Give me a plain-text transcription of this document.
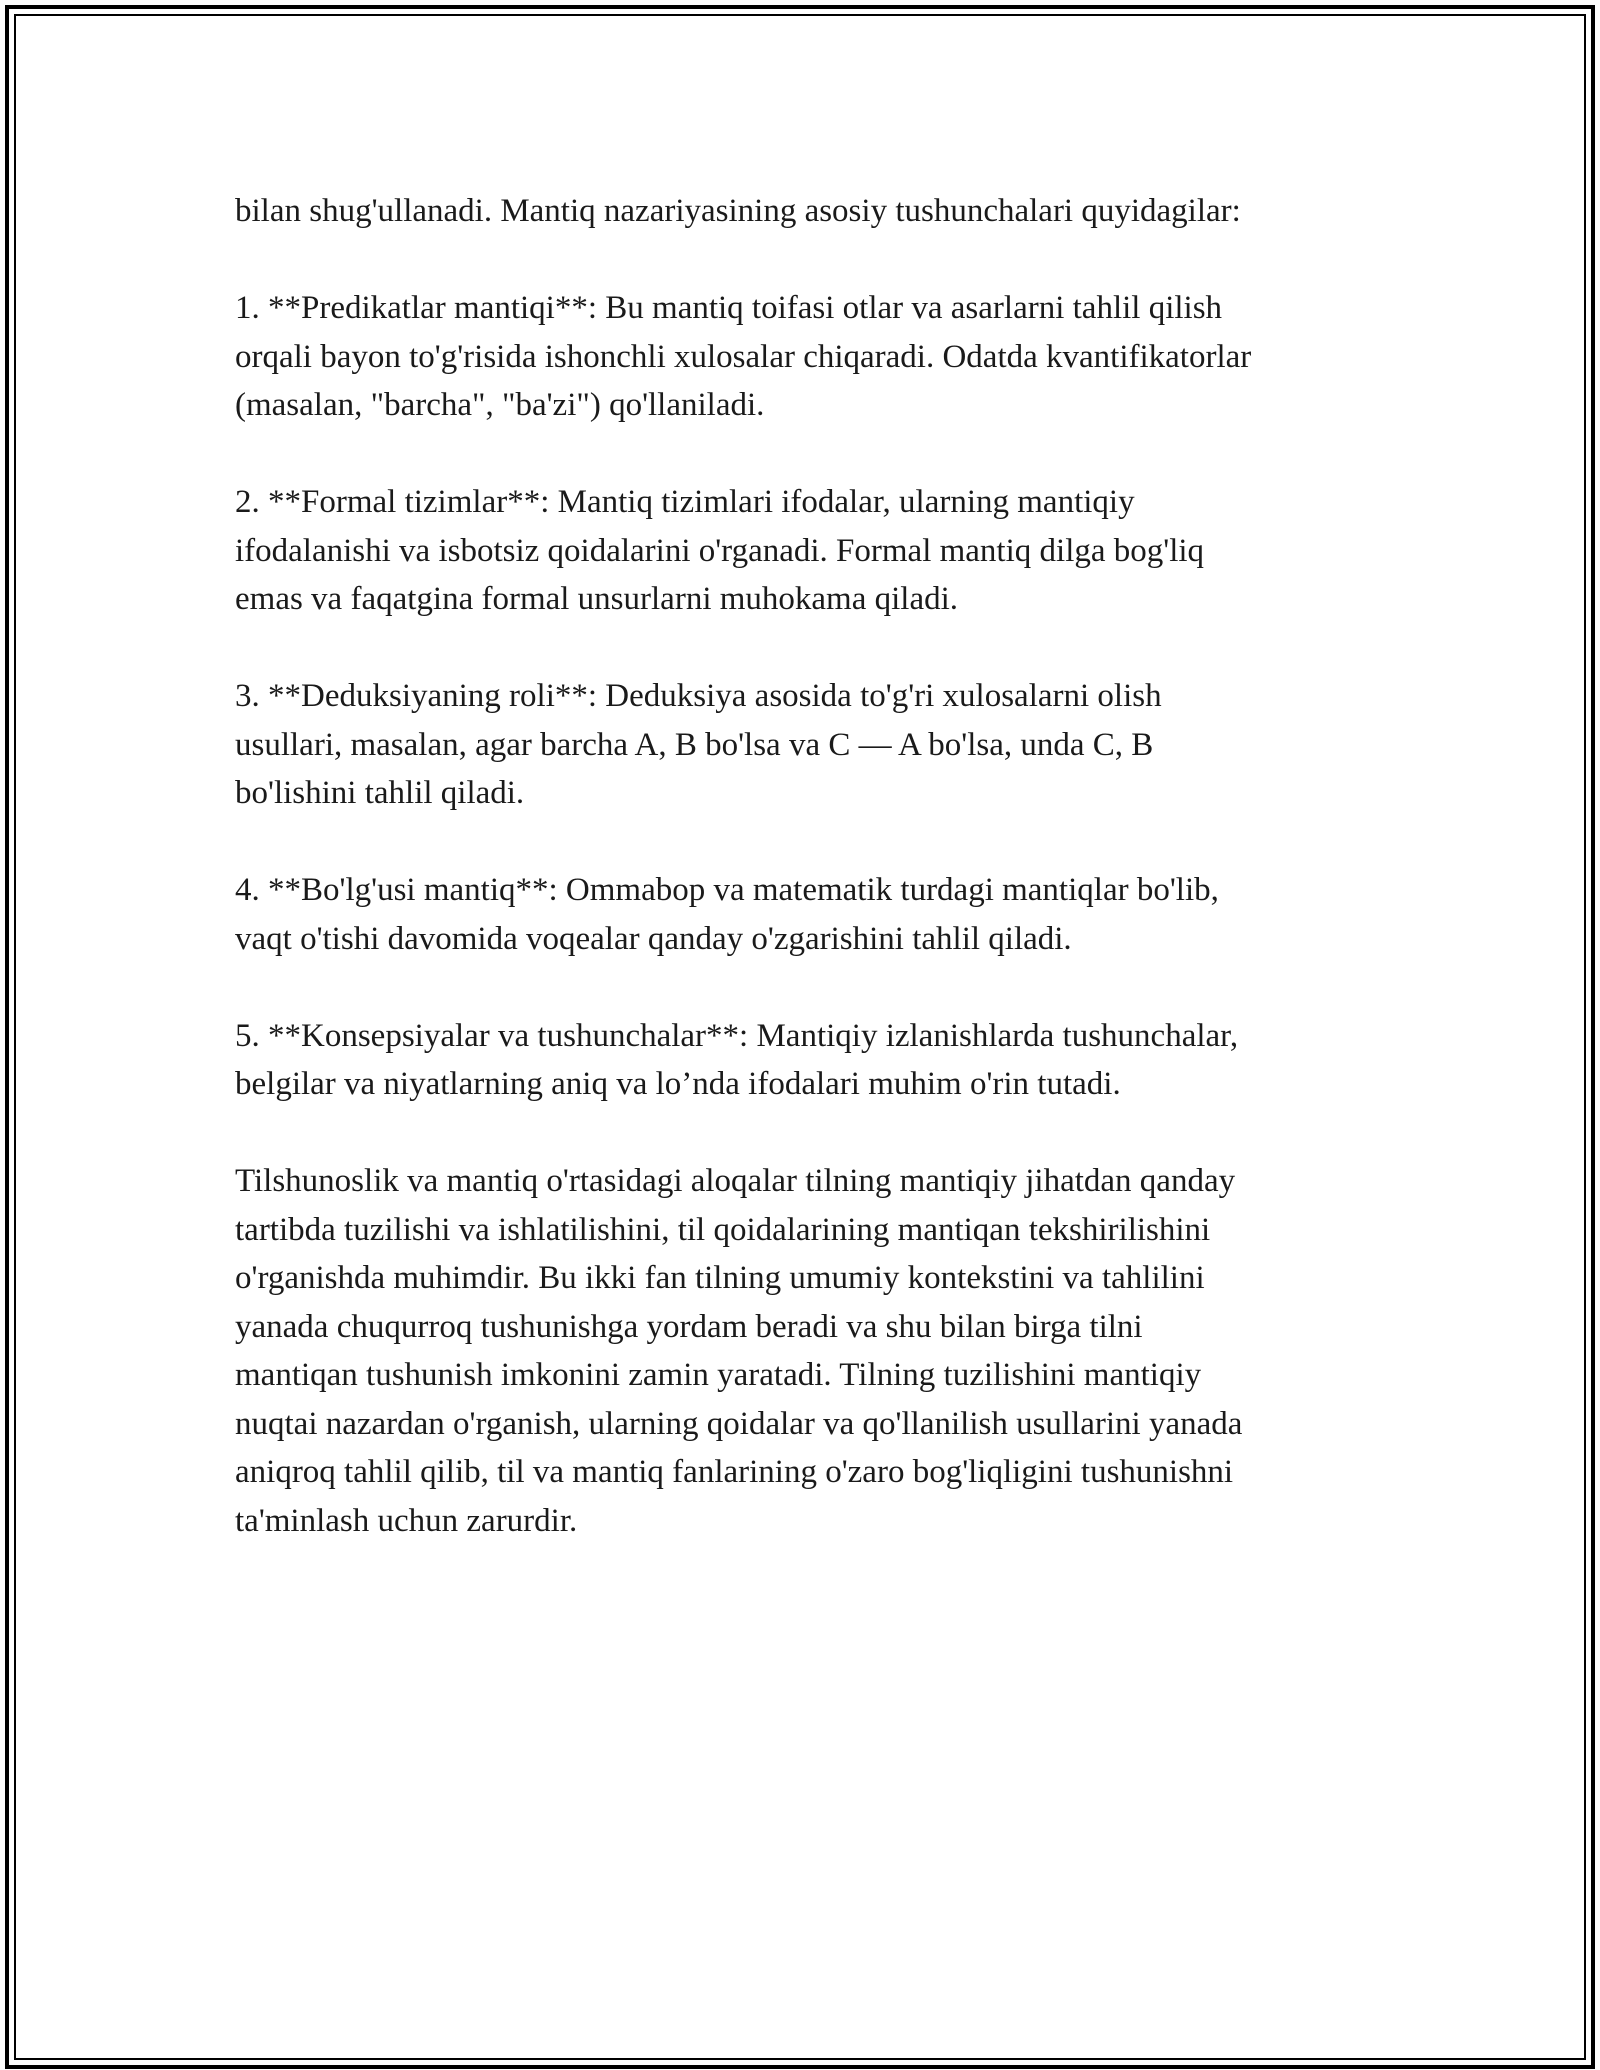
bilan shug'ullanadi. Mantiq nazariyasining asosiy tushunchalari quyidagilar:
1. **Predikatlar mantiqi**: Bu mantiq toifasi otlar va asarlarni tahlil qilish
orqali bayon to'g'risida ishonchli xulosalar chiqaradi. Odatda kvantifikatorlar
(masalan, "barcha", "ba'zi") qo'llaniladi.
2. **Formal tizimlar**: Mantiq tizimlari ifodalar, ularning mantiqiy
ifodalanishi va isbotsiz qoidalarini o'rganadi. Formal mantiq dilga bog'liq
emas va faqatgina formal unsurlarni muhokama qiladi.
3. **Deduksiyaning roli**: Deduksiya asosida to'g'ri xulosalarni olish
usullari, masalan, agar barcha A, B bo'lsa va C — A bo'lsa, unda C, B
bo'lishini tahlil qiladi.
4. **Bo'lg'usi mantiq**: Ommabop va matematik turdagi mantiqlar bo'lib,
vaqt o'tishi davomida voqealar qanday o'zgarishini tahlil qiladi.
5. **Konsepsiyalar va tushunchalar**: Mantiqiy izlanishlarda tushunchalar,
belgilar va niyatlarning aniq va lo’nda ifodalari muhim o'rin tutadi.
Tilshunoslik va mantiq o'rtasidagi aloqalar tilning mantiqiy jihatdan qanday
tartibda tuzilishi va ishlatilishini, til qoidalarining mantiqan tekshirilishini
o'rganishda muhimdir. Bu ikki fan tilning umumiy kontekstini va tahlilini
yanada chuqurroq tushunishga yordam beradi va shu bilan birga tilni
mantiqan tushunish imkonini zamin yaratadi. Tilning tuzilishini mantiqiy
nuqtai nazardan o'rganish, ularning qoidalar va qo'llanilish usullarini yanada
aniqroq tahlil qilib, til va mantiq fanlarining o'zaro bog'liqligini tushunishni
ta'minlash uchun zarurdir.
